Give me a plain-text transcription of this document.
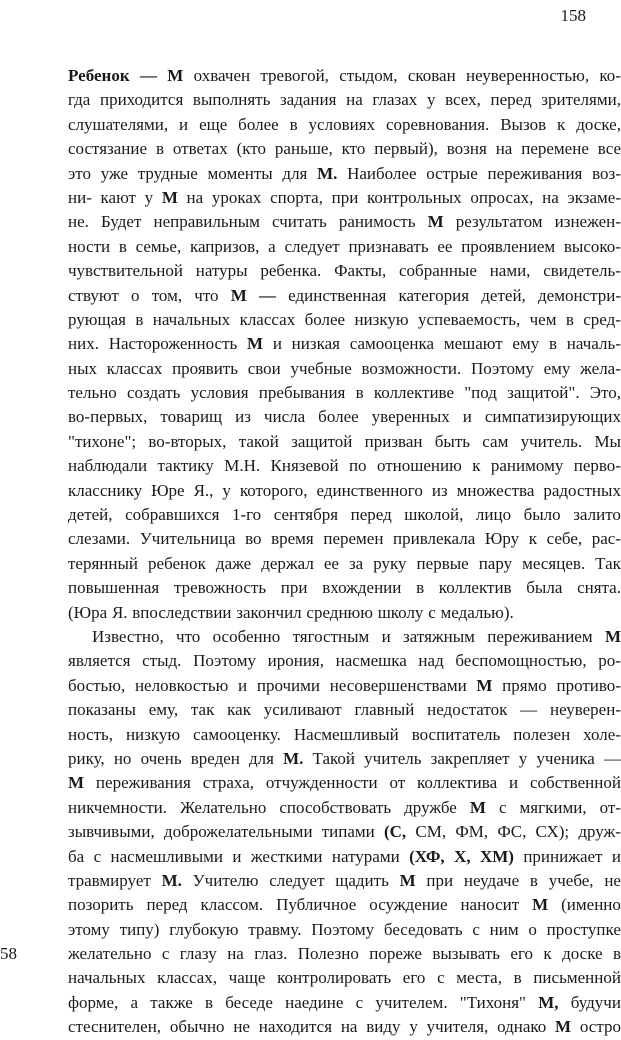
158
Ребенок — М охвачен тревогой, стыдом, скован неуверенностью, ко-
гда приходится выполнять задания на глазах у всех, перед зрителями,
слушателями, и еще более в условиях соревнования. Вызов к доске,
состязание в ответах (кто раньше, кто первый), возня на перемене все
это уже трудные моменты для М. Наиболее острые переживания воз-
ни- кают у М на уроках спорта, при контрольных опросах, на экзаме-
не. Будет неправильным считать ранимость М результатом изнежен-
ности в семье, капризов, а следует признавать ее проявлением высоко-
чувствительной натуры ребенка. Факты, собранные нами, свидетель-
ствуют о том, что М — единственная категория детей, демонстри-
рующая в начальных классах более низкую успеваемость, чем в сред-
них. Настороженность М и низкая самооценка мешают ему в началь-
ных классах проявить свои учебные возможности. Поэтому ему жела-
тельно создать условия пребывания в коллективе "под защитой". Это,
во-первых, товарищ из числа более уверенных и симпатизирующих
"тихоне"; во-вторых, такой защитой призван быть сам учитель. Мы
наблюдали тактику М.Н. Князевой по отношению к ранимому перво-
класснику Юре Я., у которого, единственного из множества радостных
детей, собравшихся 1-го сентября перед школой, лицо было залито
слезами. Учительница во время перемен привлекала Юру к себе, рас-
терянный ребенок даже держал ее за руку первые пару месяцев. Так
повышенная тревожность при вхождении в коллектив была снята.
(Юра Я. впоследствии закончил среднюю школу с медалью).
Известно, что особенно тягостным и затяжным переживанием М
является стыд. Поэтому ирония, насмешка над беспомощностью, ро-
бостью, неловкостью и прочими несовершенствами М прямо противо-
показаны ему, так как усиливают главный недостаток — неуверен-
ность, низкую самооценку. Насмешливый воспитатель полезен холе-
рику, но очень вреден для М. Такой учитель закрепляет у ученика —
М переживания страха, отчужденности от коллектива и собственной
никчемности. Желательно способствовать дружбе М с мягкими, от-
зывчивыми, доброжелательными типами (С, СМ, ФМ, ФС, СХ); друж-
ба с насмешливыми и жесткими натурами (ХФ, Х, ХМ) принижает и
травмирует М. Учителю следует щадить М при неудаче в учебе, не
позорить перед классом. Публичное осуждение наносит М (именно
этому типу) глубокую травму. Поэтому беседовать с ним о проступке
желательно с глазу на глаз. Полезно пореже вызывать его к доске в
начальных классах, чаще контролировать его с места, в письменной
форме, а также в беседе наедине с учителем. "Тихоня" М, будучи
стеснителен, обычно не находится на виду у учителя, однако М остро
58
